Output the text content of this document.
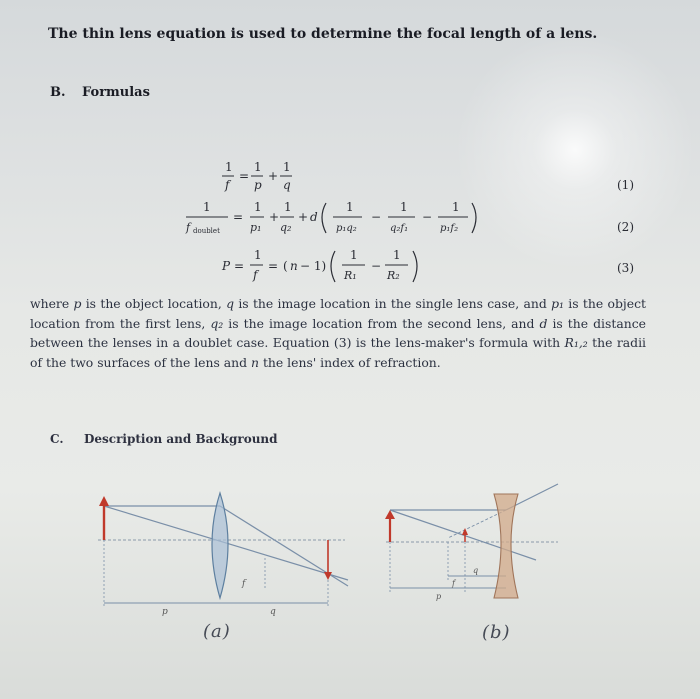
The thin lens equation is used to determine the focal length of a lens.
B. Formulas
1
f
=
1
p
+
1
q
1
f doublet
=
1
p₁
+
1
q₂
+ d
1
p₁q₂
−
1
q₂f₁
−
1
p₁f₂
P =
1
f
= ( n − 1)
1
R₁
−
1
R₂
(1)
(2)
(3)
where p is the object location, q is the image location in the single lens case, and p₁ is the object location from the first lens, q₂ is the image location from the second lens, and d is the distance between the lenses in a doublet case. Equation (3) is the lens-maker's formula with R₁,₂ the radii of the two surfaces of the lens and n the lens' index of refraction.
C. Description and Background
p	q
f
p
q
f
(a)	(b)
